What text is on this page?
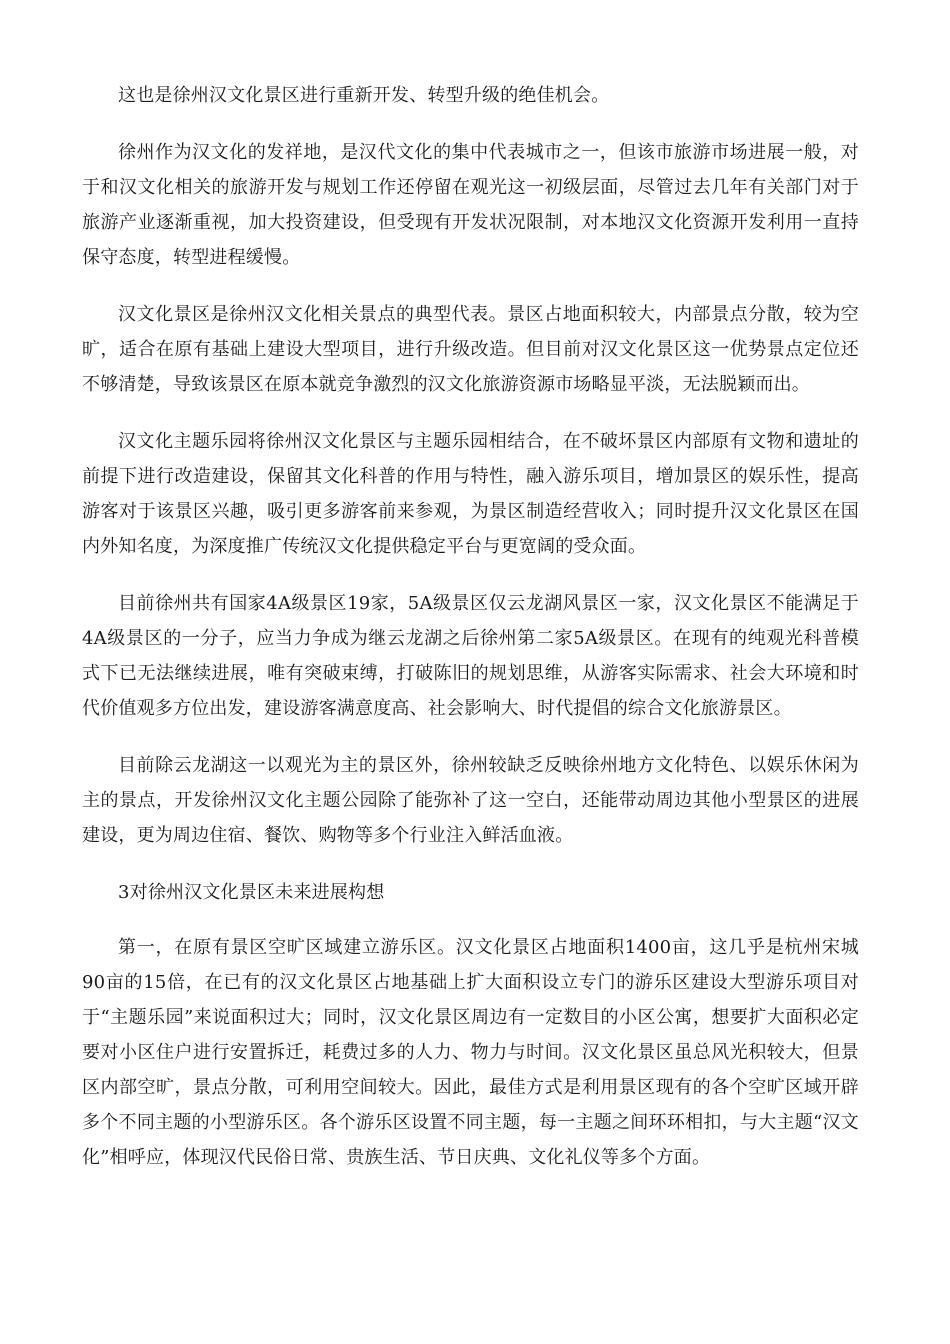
这也是徐州汉文化景区进行重新开发、转型升级的绝佳机会。

徐州作为汉文化的发祥地，是汉代文化的集中代表城市之一，但该市旅游市场进展一般，对于和汉文化相关的旅游开发与规划工作还停留在观光这一初级层面，尽管过去几年有关部门对于旅游产业逐渐重视，加大投资建设，但受现有开发状况限制，对本地汉文化资源开发利用一直持保守态度，转型进程缓慢。

汉文化景区是徐州汉文化相关景点的典型代表。景区占地面积较大，内部景点分散，较为空旷，适合在原有基础上建设大型项目，进行升级改造。但目前对汉文化景区这一优势景点定位还不够清楚，导致该景区在原本就竞争激烈的汉文化旅游资源市场略显平淡，无法脱颖而出。

汉文化主题乐园将徐州汉文化景区与主题乐园相结合，在不破坏景区内部原有文物和遗址的前提下进行改造建设，保留其文化科普的作用与特性，融入游乐项目，增加景区的娱乐性，提高游客对于该景区兴趣，吸引更多游客前来参观，为景区制造经营收入；同时提升汉文化景区在国内外知名度，为深度推广传统汉文化提供稳定平台与更宽阔的受众面。

目前徐州共有国家4A级景区19家，5A级景区仅云龙湖风景区一家，汉文化景区不能满足于4A级景区的一分子，应当力争成为继云龙湖之后徐州第二家5A级景区。在现有的纯观光科普模式下已无法继续进展，唯有突破束缚，打破陈旧的规划思维，从游客实际需求、社会大环境和时代价值观多方位出发，建设游客满意度高、社会影响大、时代提倡的综合文化旅游景区。

目前除云龙湖这一以观光为主的景区外，徐州较缺乏反映徐州地方文化特色、以娱乐休闲为主的景点，开发徐州汉文化主题公园除了能弥补了这一空白，还能带动周边其他小型景区的进展建设，更为周边住宿、餐饮、购物等多个行业注入鲜活血液。

3对徐州汉文化景区未来进展构想

第一，在原有景区空旷区域建立游乐区。汉文化景区占地面积1400亩，这几乎是杭州宋城90亩的15倍，在已有的汉文化景区占地基础上扩大面积设立专门的游乐区建设大型游乐项目对于“主题乐园”来说面积过大；同时，汉文化景区周边有一定数目的小区公寓，想要扩大面积必定要对小区住户进行安置拆迁，耗费过多的人力、物力与时间。汉文化景区虽总风光积较大，但景区内部空旷，景点分散，可利用空间较大。因此，最佳方式是利用景区现有的各个空旷区域开辟多个不同主题的小型游乐区。各个游乐区设置不同主题，每一主题之间环环相扣，与大主题“汉文化”相呼应，体现汉代民俗日常、贵族生活、节日庆典、文化礼仪等多个方面。
